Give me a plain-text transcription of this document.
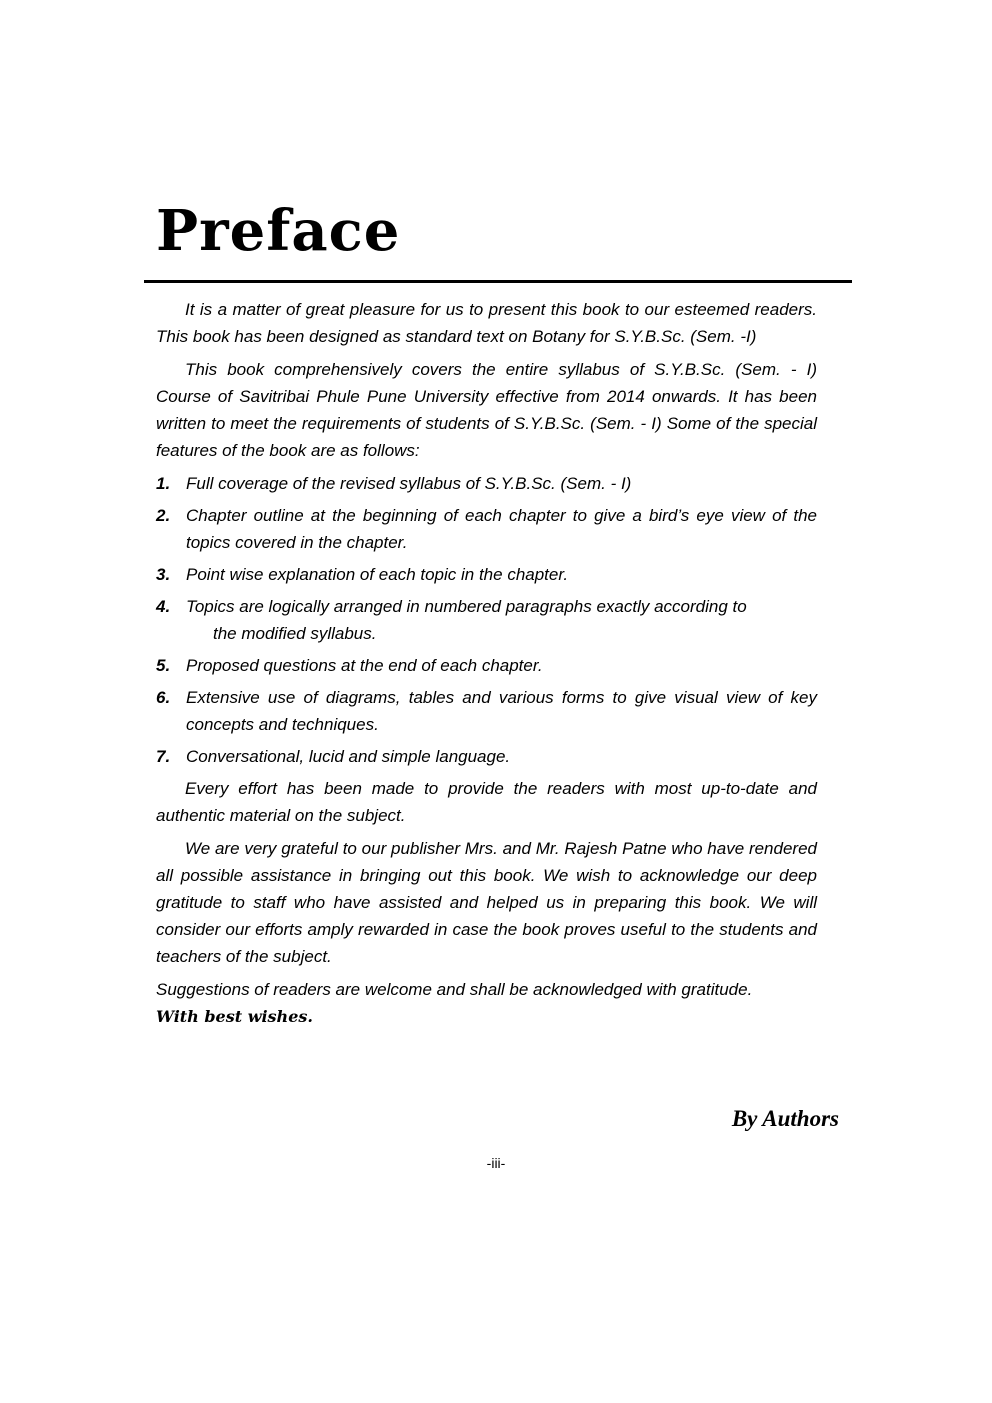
Preface

It is a matter of great pleasure for us to present this book to our esteemed readers. This book has been designed as standard text on Botany for S.Y.B.Sc. (Sem. -I)

This book comprehensively covers the entire syllabus of S.Y.B.Sc. (Sem. - I) Course of Savitribai Phule Pune University effective from 2014 onwards. It has been written to meet the requirements of students of S.Y.B.Sc. (Sem. - I) Some of the special features of the book are as follows:

1. Full coverage of the revised syllabus of S.Y.B.Sc. (Sem. - I)
2. Chapter outline at the beginning of each chapter to give a bird’s eye view of the topics covered in the chapter.
3. Point wise explanation of each topic in the chapter.
4. Topics are logically arranged in numbered paragraphs exactly according to
the modified syllabus.
5. Proposed questions at the end of each chapter.
6. Extensive use of diagrams, tables and various forms to give visual view of key concepts and techniques.
7. Conversational, lucid and simple language.

Every effort has been made to provide the readers with most up-to-date and authentic material on the subject.

We are very grateful to our publisher Mrs. and Mr. Rajesh Patne who have rendered all possible assistance in bringing out this book. We wish to acknowledge our deep gratitude to staff who have assisted and helped us in preparing this book. We will consider our efforts amply rewarded in case the book proves useful to the students and teachers of the subject.

Suggestions of readers are welcome and shall be acknowledged with gratitude.

With best wishes.
By Authors
-iii-
